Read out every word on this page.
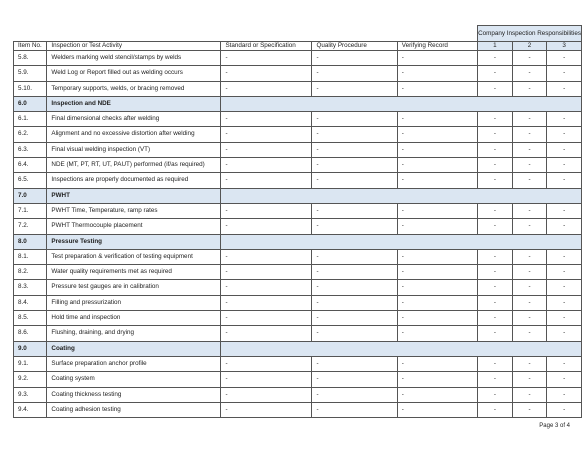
					Company Inspection Responsibilities		
Item No.	Inspection or Test Activity	Standard or Specification	Quality Procedure	Verifying Record	1	2	3
5.8.	Welders marking weld stencil/stamps by welds	-	-	-	-	-	-
5.9.	Weld Log or Report filled out as welding occurs	-	-	-	-	-	-
5.10.	Temporary supports, welds, or bracing removed	-	-	-	-	-	-
6.0	Inspection and NDE						
6.1.	Final dimensional checks after welding	-	-	-	-	-	-
6.2.	Alignment and no excessive distortion after welding	-	-	-	-	-	-
6.3.	Final visual welding inspection (VT)	-	-	-	-	-	-
6.4.	NDE (MT, PT, RT, UT, PAUT) performed (if/as required)	-	-	-	-	-	-
6.5.	Inspections are properly documented as required	-	-	-	-	-	-
7.0	PWHT						
7.1.	PWHT Time, Temperature, ramp rates	-	-	-	-	-	-
7.2.	PWHT Thermocouple placement	-	-	-	-	-	-
8.0	Pressure Testing						
8.1.	Test preparation & verification of testing equipment	-	-	-	-	-	-
8.2.	Water quality requirements met as required	-	-	-	-	-	-
8.3.	Pressure test gauges are in calibration	-	-	-	-	-	-
8.4.	Filling and pressurization	-	-	-	-	-	-
8.5.	Hold time and inspection	-	-	-	-	-	-
8.6.	Flushing, draining, and drying	-	-	-	-	-	-
9.0	Coating						
9.1.	Surface preparation anchor profile	-	-	-	-	-	-
9.2.	Coating system	-	-	-	-	-	-
9.3.	Coating thickness testing	-	-	-	-	-	-
9.4.	Coating adhesion testing	-	-	-	-	-	-
Page 3 of 4
